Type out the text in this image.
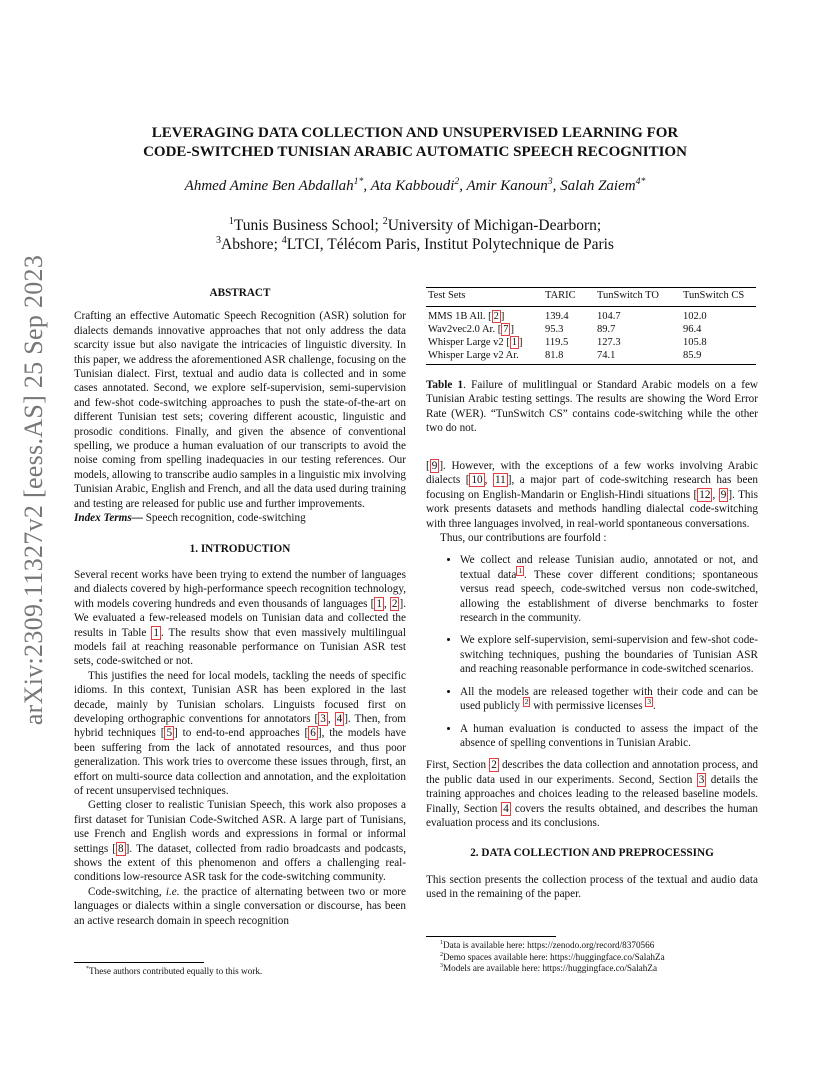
arXiv:2309.11327v2 [eess.AS] 25 Sep 2023
LEVERAGING DATA COLLECTION AND UNSUPERVISED LEARNING FOR
CODE-SWITCHED TUNISIAN ARABIC AUTOMATIC SPEECH RECOGNITION
Ahmed Amine Ben Abdallah$^{1*}$, Ata Kabboudi$^2$, Amir Kanoun$^3$, Salah Zaiem$^{4*}$
$^1$Tunis Business School; $^2$University of Michigan-Dearborn;
$^3$Abshore; $^4$LTCI, Télécom Paris, Institut Polytechnique de Paris
ABSTRACT

Crafting an effective Automatic Speech Recognition (ASR) solution for dialects demands innovative approaches that not only address the data scarcity issue but also navigate the intricacies of linguistic diversity. In this paper, we address the aforementioned ASR challenge, focusing on the Tunisian dialect. First, textual and audio data is collected and in some cases annotated. Second, we explore self-supervision, semi-supervision and few-shot code-switching approaches to push the state-of-the-art on different Tunisian test sets; covering different acoustic, linguistic and prosodic conditions. Finally, and given the absence of conventional spelling, we produce a human evaluation of our transcripts to avoid the noise coming from spelling inadequacies in our testing references. Our models, allowing to transcribe audio samples in a linguistic mix involving Tunisian Arabic, English and French, and all the data used during training and testing are released for public use and further improvements.

Index Terms— Speech recognition, code-switching

1. INTRODUCTION

Several recent works have been trying to extend the number of languages and dialects covered by high-performance speech recognition technology, with models covering hundreds and even thousands of languages [ 1 , 2 ]. We evaluated a few-released models on Tunisian data and collected the results in Table 1 . The results show that even massively multilingual models fail at reaching reasonable performance on Tunisian ASR test sets, code-switched or not.

This justifies the need for local models, tackling the needs of specific idioms. In this context, Tunisian ASR has been explored in the last decade, mainly by Tunisian scholars. Linguists focused first on developing orthographic conventions for annotators [ 3 , 4 ]. Then, from hybrid techniques [ 5 ] to end-to-end approaches [ 6 ], the models have been suffering from the lack of annotated resources, and thus poor generalization. This work tries to overcome these issues through, first, an effort on multi-source data collection and annotation, and the exploitation of recent unsupervised techniques.

Getting closer to realistic Tunisian Speech, this work also proposes a first dataset for Tunisian Code-Switched ASR. A large part of Tunisians, use French and English words and expressions in formal or informal settings [ 8 ]. The dataset, collected from radio broadcasts and podcasts, shows the extent of this phenomenon and offers a challenging real-conditions low-resource ASR task for the code-switching community.

Code-switching, i.e. the practice of alternating between two or more languages or dialects within a single conversation or discourse, has been an active research domain in speech recognition

*These authors contributed equally to this work.
Test Sets	TARIC	TunSwitch TO	TunSwitch CS
MMS 1B All. [ 2 ]	139.4	104.7	102.0
Wav2vec2.0 Ar. [ 7 ]	95.3	89.7	96.4
Whisper Large v2 [ 1 ]	119.5	127.3	105.8
Whisper Large v2 Ar.	81.8	74.1	85.9

Table 1. Failure of mulitlingual or Standard Arabic models on a few Tunisian Arabic testing settings. The results are showing the Word Error Rate (WER). “TunSwitch CS” contains code-switching while the other two do not.

[ 9 ]. However, with the exceptions of a few works involving Arabic dialects [ 10 , 11 ], a major part of code-switching research has been focusing on English-Mandarin or English-Hindi situations [ 12 , 9 ]. This work presents datasets and methods handling dialectal code-switching with three languages involved, in real-world spontaneous conversations.

Thus, our contributions are fourfold :

• We collect and release Tunisian audio, annotated or not, and textual data $^1$ . These cover different conditions; spontaneous versus read speech, code-switched versus non code-switched, allowing the establishment of diverse benchmarks to foster research in the community.
• We explore self-supervision, semi-supervision and few-shot code-switching techniques, pushing the boundaries of Tunisian ASR and reaching reasonable performance in code-switched scenarios.
• All the models are released together with their code and can be used publicly $^2$ with permissive licenses $^3$ .
• A human evaluation is conducted to assess the impact of the absence of spelling conventions in Tunisian Arabic.

First, Section 2 describes the data collection and annotation process, and the public data used in our experiments. Second, Section 3 details the training approaches and choices leading to the released baseline models. Finally, Section 4 covers the results obtained, and describes the human evaluation process and its conclusions.

2. DATA COLLECTION AND PREPROCESSING

This section presents the collection process of the textual and audio data used in the remaining of the paper.

$^1$Data is available here: https://zenodo.org/record/8370566
$^2$Demo spaces available here: https://huggingface.co/SalahZa
$^3$Models are available here: https://huggingface.co/SalahZa
